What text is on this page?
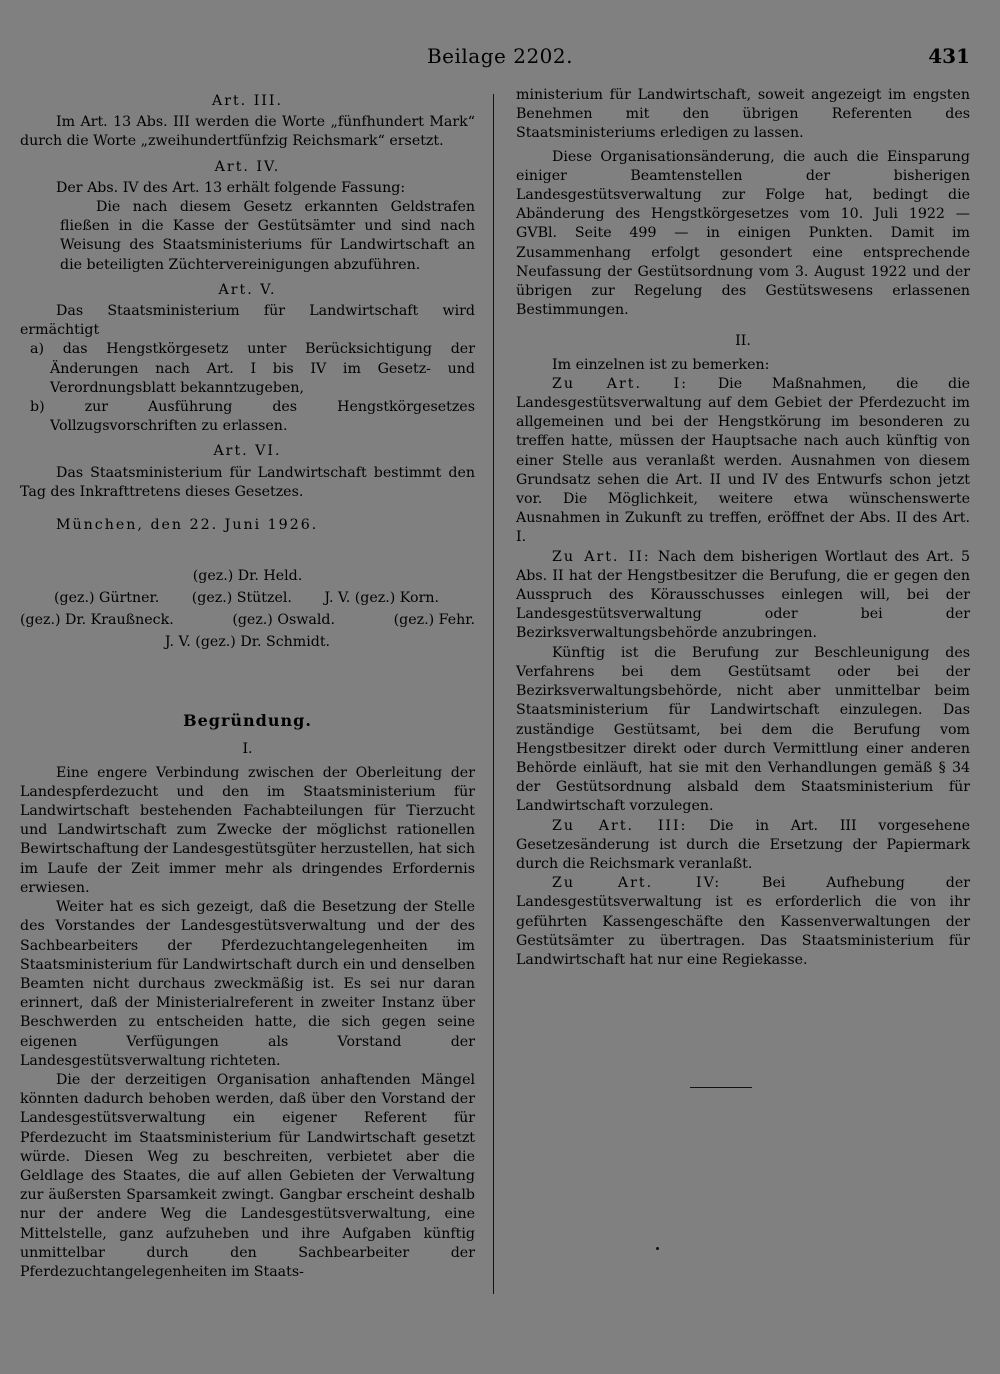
Beilage 2202.	431

Art. III.

Im Art. 13 Abs. III werden die Worte „fünfhundert Mark“ durch die Worte „zweihundertfünfzig Reichsmark“ ersetzt.

Art. IV.

Der Abs. IV des Art. 13 erhält folgende Fassung:

Die nach diesem Gesetz erkannten Geldstrafen fließen in die Kasse der Gestütsämter und sind nach Weisung des Staatsministeriums für Landwirtschaft an die beteiligten Züchtervereinigungen abzuführen.

Art. V.

Das Staatsministerium für Landwirtschaft wird ermächtigt

a) das Hengstkörgesetz unter Berücksichtigung der Änderungen nach Art. I bis IV im Gesetz- und Verordnungsblatt bekanntzugeben,

b) zur Ausführung des Hengstkörgesetzes Vollzugsvorschriften zu erlassen.

Art. VI.

Das Staatsministerium für Landwirtschaft bestimmt den Tag des Inkrafttretens dieses Gesetzes.

München, den 22. Juni 1926.

(gez.) Dr. Held.

(gez.) Gürtner. (gez.) Stützel. J. V. (gez.) Korn.
(gez.) Dr. Kraußneck.	(gez.) Oswald.	(gez.) Fehr.

J. V. (gez.) Dr. Schmidt.

Begründung.

I.

Eine engere Verbindung zwischen der Oberleitung der Landespferdezucht und den im Staatsministerium für Landwirtschaft bestehenden Fachabteilungen für Tierzucht und Landwirtschaft zum Zwecke der möglichst rationellen Bewirtschaftung der Landesgestütsgüter herzustellen, hat sich im Laufe der Zeit immer mehr als dringendes Erfordernis erwiesen.

Weiter hat es sich gezeigt, daß die Besetzung der Stelle des Vorstandes der Landesgestütsverwaltung und der des Sachbearbeiters der Pferdezuchtangelegenheiten im Staatsministerium für Landwirtschaft durch ein und denselben Beamten nicht durchaus zweckmäßig ist. Es sei nur daran erinnert, daß der Ministerialreferent in zweiter Instanz über Beschwerden zu entscheiden hatte, die sich gegen seine eigenen Verfügungen als Vorstand der Landesgestütsverwaltung richteten.

Die der derzeitigen Organisation anhaftenden Mängel könnten dadurch behoben werden, daß über den Vorstand der Landesgestütsverwaltung ein eigener Referent für Pferdezucht im Staatsministerium für Landwirtschaft gesetzt würde. Diesen Weg zu beschreiten, verbietet aber die Geldlage des Staates, die auf allen Gebieten der Verwaltung zur äußersten Sparsamkeit zwingt. Gangbar erscheint deshalb nur der andere Weg die Landesgestütsverwaltung, eine Mittelstelle, ganz aufzuheben und ihre Aufgaben künftig unmittelbar durch den Sachbearbeiter der Pferdezuchtangelegenheiten im Staats-

ministerium für Landwirtschaft, soweit angezeigt im engsten Benehmen mit den übrigen Referenten des Staatsministeriums erledigen zu lassen.

Diese Organisationsänderung, die auch die Einsparung einiger Beamtenstellen der bisherigen Landesgestütsverwaltung zur Folge hat, bedingt die Abänderung des Hengstkörgesetzes vom 10. Juli 1922 — GVBl. Seite 499 — in einigen Punkten. Damit im Zusammenhang erfolgt gesondert eine entsprechende Neufassung der Gestütsordnung vom 3. August 1922 und der übrigen zur Regelung des Gestütswesens erlassenen Bestimmungen.

II.

Im einzelnen ist zu bemerken:

Zu Art. I: Die Maßnahmen, die die Landesgestütsverwaltung auf dem Gebiet der Pferdezucht im allgemeinen und bei der Hengstkörung im besonderen zu treffen hatte, müssen der Hauptsache nach auch künftig von einer Stelle aus veranlaßt werden. Ausnahmen von diesem Grundsatz sehen die Art. II und IV des Entwurfs schon jetzt vor. Die Möglichkeit, weitere etwa wünschenswerte Ausnahmen in Zukunft zu treffen, eröffnet der Abs. II des Art. I.

Zu Art. II: Nach dem bisherigen Wortlaut des Art. 5 Abs. II hat der Hengstbesitzer die Berufung, die er gegen den Ausspruch des Körausschusses einlegen will, bei der Landesgestütsverwaltung oder bei der Bezirksverwaltungsbehörde anzubringen.

Künftig ist die Berufung zur Beschleunigung des Verfahrens bei dem Gestütsamt oder bei der Bezirksverwaltungsbehörde, nicht aber unmittelbar beim Staatsministerium für Landwirtschaft einzulegen. Das zuständige Gestütsamt, bei dem die Berufung vom Hengstbesitzer direkt oder durch Vermittlung einer anderen Behörde einläuft, hat sie mit den Verhandlungen gemäß § 34 der Gestütsordnung alsbald dem Staatsministerium für Landwirtschaft vorzulegen.

Zu Art. III: Die in Art. III vorgesehene Gesetzesänderung ist durch die Ersetzung der Papiermark durch die Reichsmark veranlaßt.

Zu Art. IV:	Bei Aufhebung der Landesgestütsverwaltung ist es erforderlich die von ihr geführten Kassengeschäfte den Kassenverwaltungen der Gestütsämter zu übertragen. Das Staatsministerium für Landwirtschaft hat nur eine Regiekasse.
